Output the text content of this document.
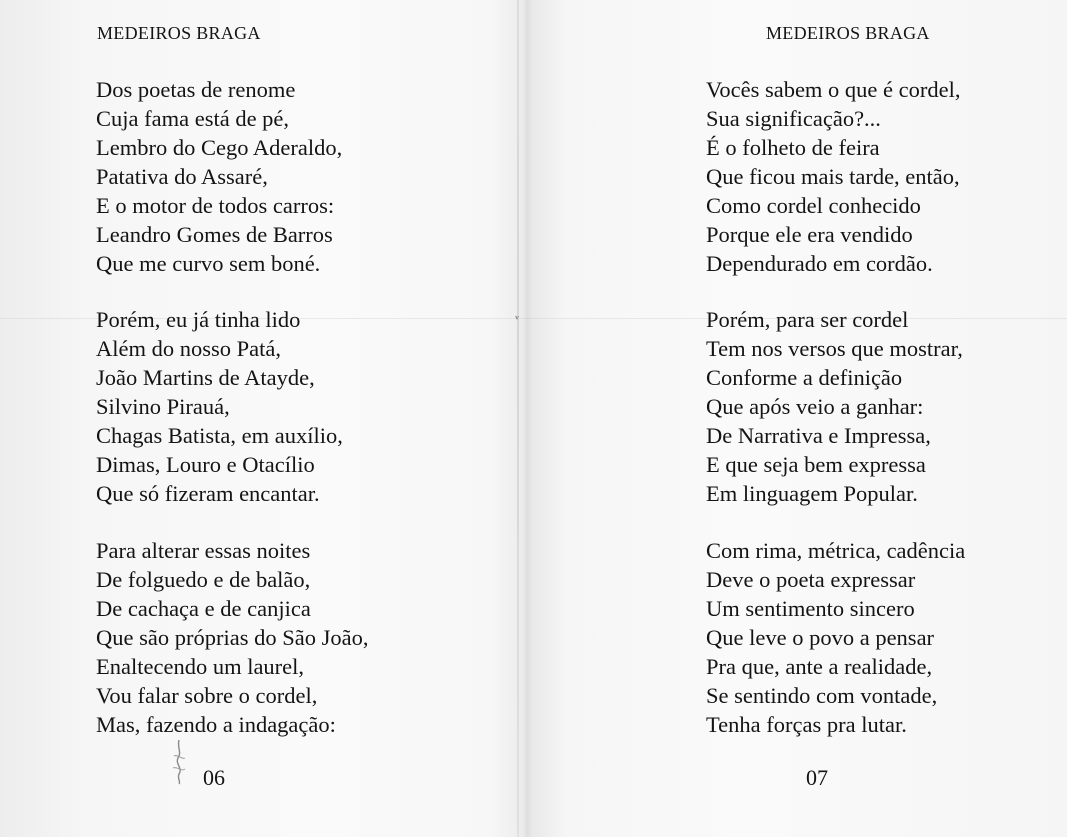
ᵛ
MEDEIROS BRAGA
Dos poetas de renome
Cuja fama está de pé,
Lembro do Cego Aderaldo,
Patativa do Assaré,
E o motor de todos carros:
Leandro Gomes de Barros
Que me curvo sem boné.
Porém, eu já tinha lido
Além do nosso Patá,
João Martins de Atayde,
Silvino Pirauá,
Chagas Batista, em auxílio,
Dimas, Louro e Otacílio
Que só fizeram encantar.
Para alterar essas noites
De folguedo e de balão,
De cachaça e de canjica
Que são próprias do São João,
Enaltecendo um laurel,
Vou falar sobre o cordel,
Mas, fazendo a indagação:

06

MEDEIROS BRAGA
Vocês sabem o que é cordel,
Sua significação?...
É o folheto de feira
Que ficou mais tarde, então,
Como cordel conhecido
Porque ele era vendido
Dependurado em cordão.
Porém, para ser cordel
Tem nos versos que mostrar,
Conforme a definição
Que após veio a ganhar:
De Narrativa e Impressa,
E que seja bem expressa
Em linguagem Popular.
Com rima, métrica, cadência
Deve o poeta expressar
Um sentimento sincero
Que leve o povo a pensar
Pra que, ante a realidade,
Se sentindo com vontade,
Tenha forças pra lutar.

07
